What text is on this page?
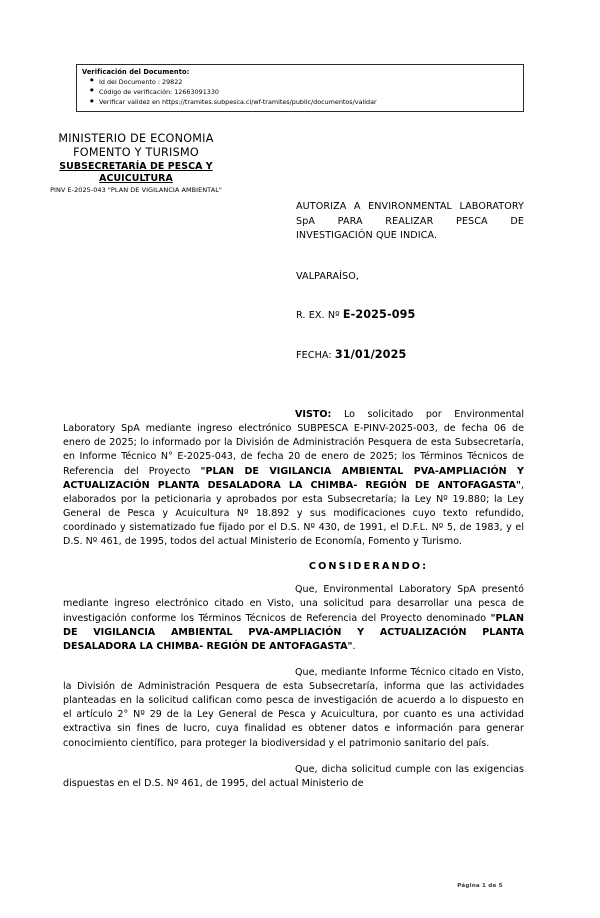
Verificación del Documento:
● Id del Documento : 29822
● Código de verificación: 12663091330
● Verificar validez en https://tramites.subpesca.cl/wf-tramites/public/documentos/validar
MINISTERIO DE ECONOMIA
FOMENTO Y TURISMO
SUBSECRETARÍA DE PESCA Y ACUICULTURA
PINV E-2025-043 "PLAN DE VIGILANCIA AMBIENTAL"
AUTORIZA A ENVIRONMENTAL LABORATORY SpA PARA REALIZAR PESCA DE INVESTIGACIÓN QUE INDICA.
VALPARAÍSO,
R. EX. Nº E-2025-095
FECHA: 31/01/2025

VISTO: Lo solicitado por Environmental Laboratory SpA mediante ingreso electrónico SUBPESCA E-PINV-2025-003, de fecha 06 de enero de 2025; lo informado por la División de Administración Pesquera de esta Subsecretaría, en Informe Técnico N° E-2025-043, de fecha 20 de enero de 2025; los Términos Técnicos de Referencia del Proyecto "PLAN DE VIGILANCIA AMBIENTAL PVA-AMPLIACIÓN Y ACTUALIZACIÓN PLANTA DESALADORA LA CHIMBA- REGIÓN DE ANTOFAGASTA", elaborados por la peticionaria y aprobados por esta Subsecretaría; la Ley Nº 19.880; la Ley General de Pesca y Acuicultura Nº 18.892 y sus modificaciones cuyo texto refundido, coordinado y sistematizado fue fijado por el D.S. Nº 430, de 1991, el D.F.L. Nº 5, de 1983, y el D.S. Nº 461, de 1995, todos del actual Ministerio de Economía, Fomento y Turismo.

CONSIDERANDO:

Que, Environmental Laboratory SpA presentó mediante ingreso electrónico citado en Visto, una solicitud para desarrollar una pesca de investigación conforme los Términos Técnicos de Referencia del Proyecto denominado "PLAN DE VIGILANCIA AMBIENTAL PVA-AMPLIACIÓN Y ACTUALIZACIÓN PLANTA DESALADORA LA CHIMBA- REGIÓN DE ANTOFAGASTA".

Que, mediante Informe Técnico citado en Visto, la División de Administración Pesquera de esta Subsecretaría, informa que las actividades planteadas en la solicitud califican como pesca de investigación de acuerdo a lo dispuesto en el artículo 2° Nº 29 de la Ley General de Pesca y Acuicultura, por cuanto es una actividad extractiva sin fines de lucro, cuya finalidad es obtener datos e información para generar conocimiento científico, para proteger la biodiversidad y el patrimonio sanitario del país.

Que, dicha solicitud cumple con las exigencias dispuestas en el D.S. Nº 461, de 1995, del actual Ministerio de

Página 1 de 5
